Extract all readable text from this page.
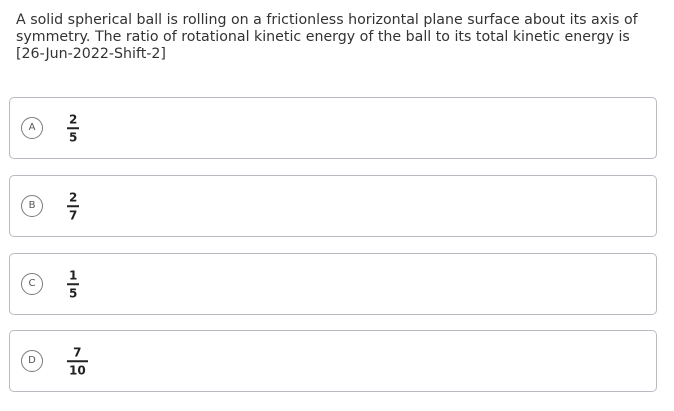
A solid spherical ball is rolling on a frictionless horizontal plane surface about its axis of
symmetry. The ratio of rotational kinetic energy of the ball to its total kinetic energy is
[26-Jun-2022-Shift-2]
A
2
5
B
2
7
C
1
5
D
7
10
